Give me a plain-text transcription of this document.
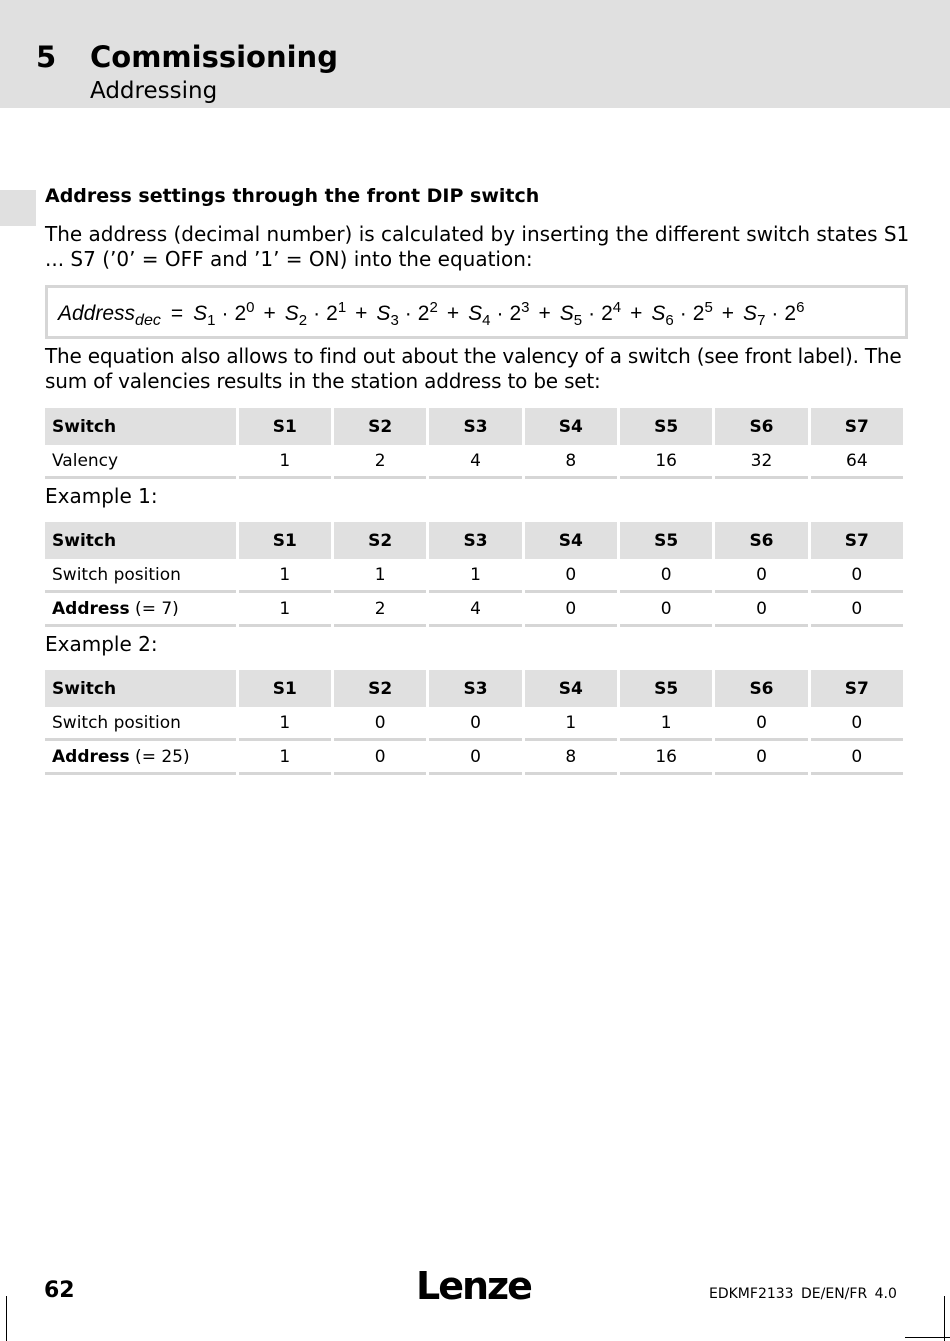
5 Commissioning
Addressing
Address settings through the front DIP switch
The address (decimal number) is calculated by inserting the different switch states S1 ... S7 (’0’ = OFF and ’1’ = ON) into the equation:
Address$_{dec}$ = $S_1 \cdot 2^0 + S_2 \cdot 2^1 + S_3 \cdot 2^2 + S_4 \cdot 2^3 + S_5 \cdot 2^4 + S_6 \cdot 2^5 + S_7 \cdot 2^6$
The equation also allows to find out about the valency of a switch (see front label). The sum of valencies results in the station address to be set:
Switch	S1	S2	S3	S4	S5	S6	S7
Valency	1	2	4	8	16	32	64
Example 1:
Switch	S1	S2	S3	S4	S5	S6	S7
Switch position	1	1	1	0	0	0	0
Address (= 7)	1	2	4	0	0	0	0
Example 2:
Switch	S1	S2	S3	S4	S5	S6	S7
Switch position	1	0	0	1	1	0	0
Address (= 25)	1	0	0	8	16	0	0
62	Lenze	EDKMF2133 DE/EN/FR 4.0
